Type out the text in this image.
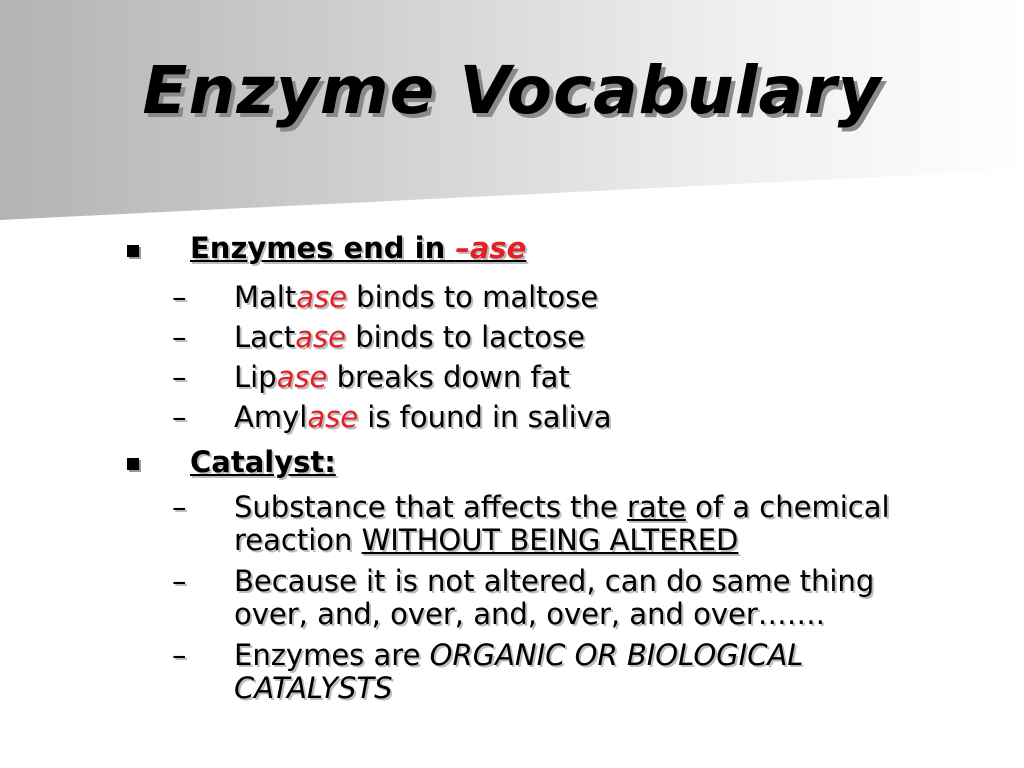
Enzyme Vocabulary
Enzymes end in –ase
– Maltase binds to maltose
– Lactase binds to lactose
– Lipase breaks down fat
– Amylase is found in saliva
Catalyst:
– Substance that affects the rate of a chemical
reaction WITHOUT BEING ALTERED
– Because it is not altered, can do same thing
over, and, over, and, over, and over…….
– Enzymes are ORGANIC OR BIOLOGICAL
CATALYSTS
